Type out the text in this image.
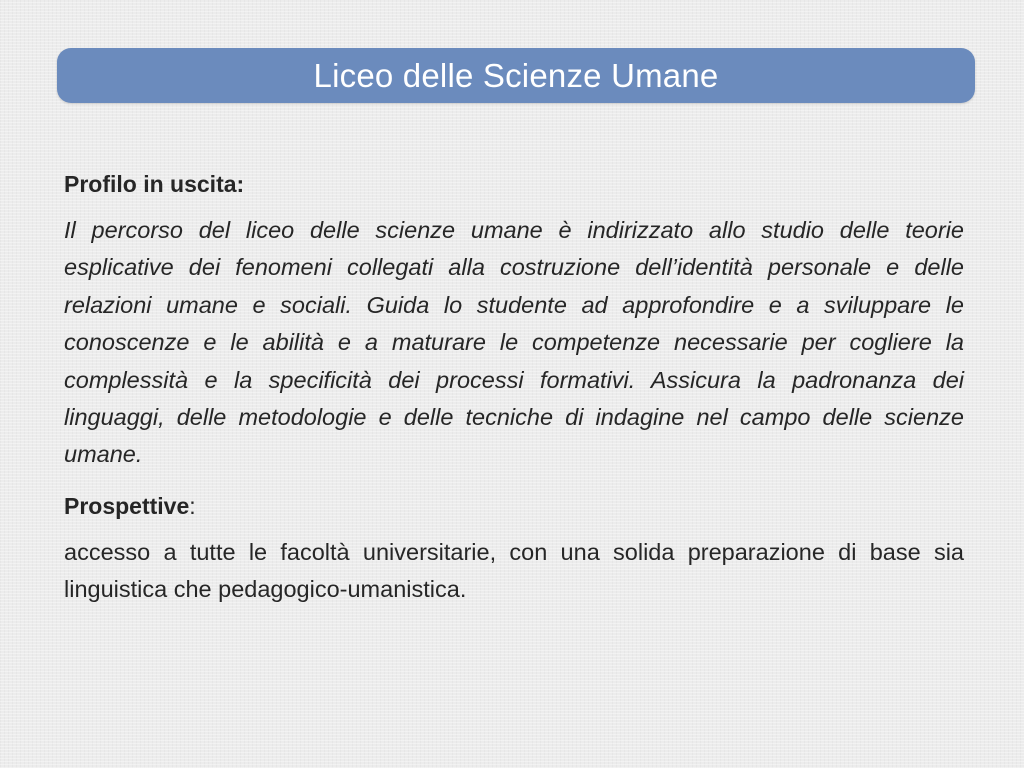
Liceo delle Scienze Umane

Profilo in uscita:

Il percorso del liceo delle scienze umane è indirizzato allo studio delle teorie esplicative dei fenomeni collegati alla costruzione dell’identità personale e delle relazioni umane e sociali. Guida lo studente ad approfondire e a sviluppare le conoscenze e le abilità e a maturare le competenze necessarie per cogliere la complessità e la specificità dei processi formativi. Assicura la padronanza dei linguaggi, delle metodologie e delle tecniche di indagine nel campo delle scienze umane.

Prospettive:

accesso a tutte le facoltà universitarie, con una solida preparazione di base sia linguistica che pedagogico-umanistica.
